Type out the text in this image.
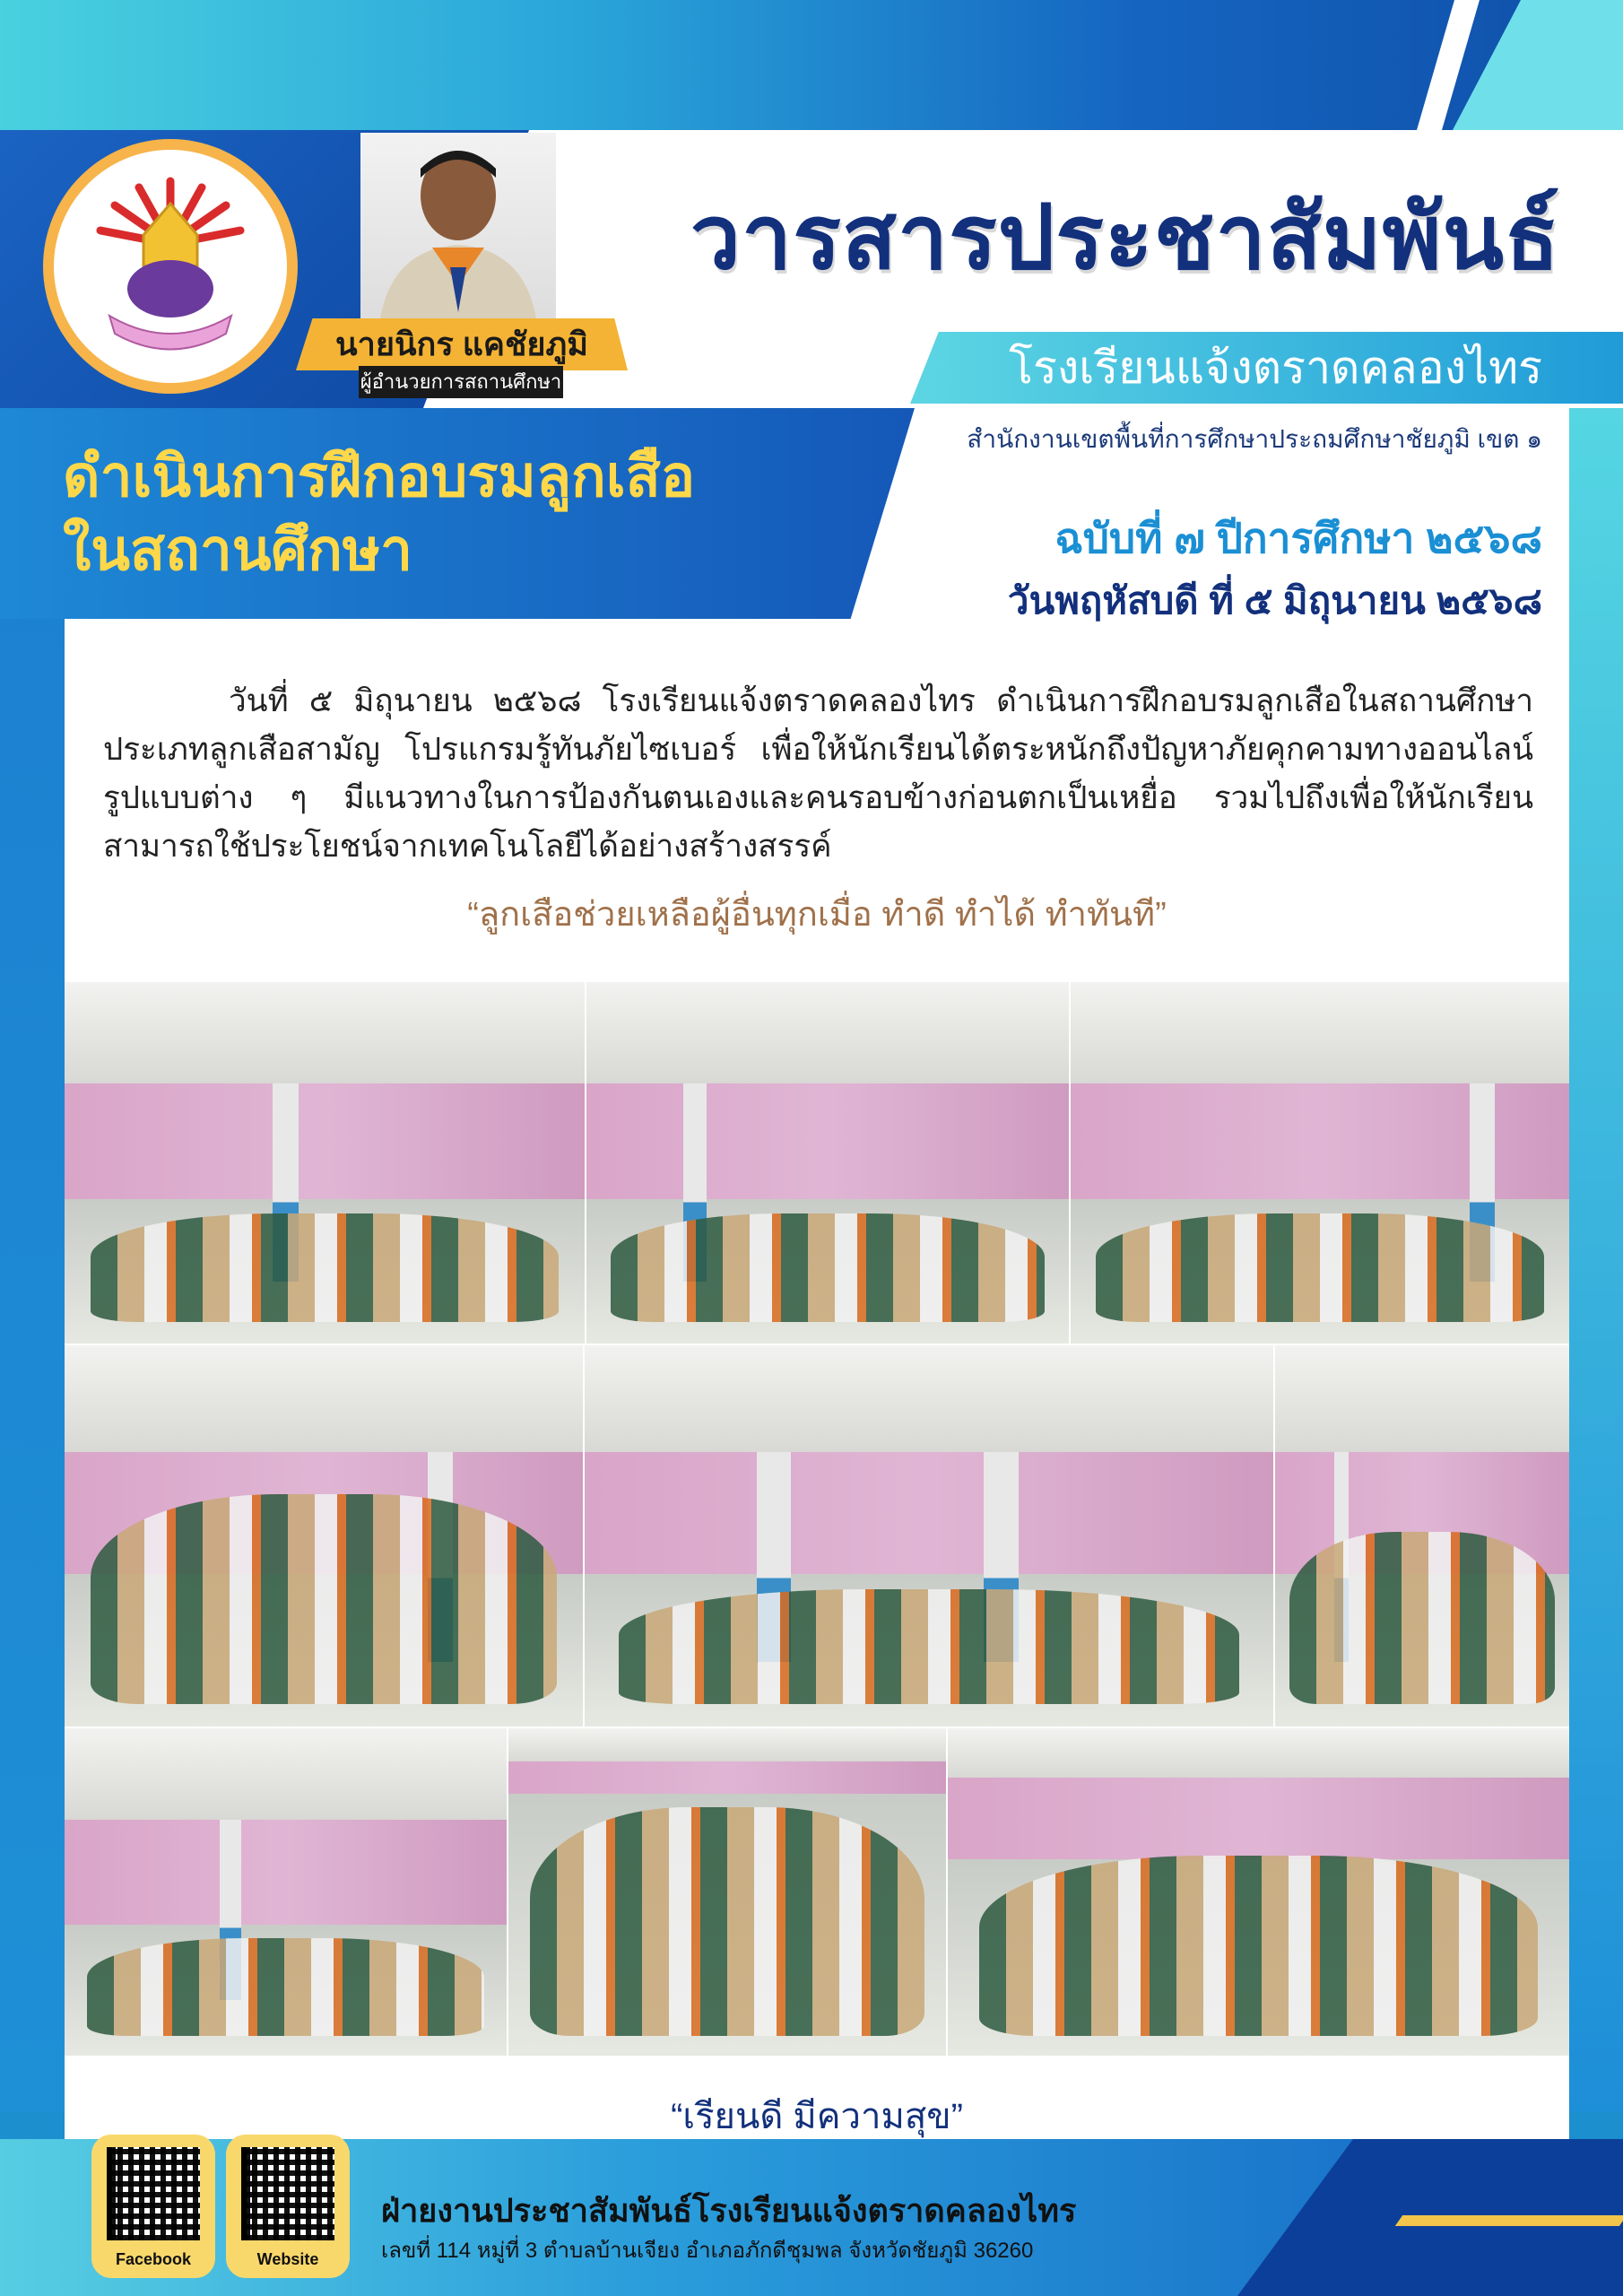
นายนิกร แคชัยภูมิ
ผู้อำนวยการสถานศึกษา
วารสารประชาสัมพันธ์
โรงเรียนแจ้งตราดคลองไทร
สำนักงานเขตพื้นที่การศึกษาประถมศึกษาชัยภูมิ เขต ๑
ฉบับที่ ๗ ปีการศึกษา ๒๕๖๘
วันพฤหัสบดี ที่ ๕ มิถุนายน ๒๕๖๘
ดำเนินการฝึกอบรมลูกเสือ
ในสถานศึกษา

วันที่ ๕ มิถุนายน ๒๕๖๘ โรงเรียนแจ้งตราดคลองไทร ดำเนินการฝึกอบรมลูกเสือในสถานศึกษา ประเภทลูกเสือสามัญ โปรแกรมรู้ทันภัยไซเบอร์ เพื่อให้นักเรียนได้ตระหนักถึงปัญหาภัยคุกคามทางออนไลน์ รูปแบบต่าง ๆ มีแนวทางในการป้องกันตนเองและคนรอบข้างก่อนตกเป็นเหยื่อ รวมไปถึงเพื่อให้นักเรียน สามารถใช้ประโยชน์จากเทคโนโลยีได้อย่างสร้างสรรค์

“ลูกเสือช่วยเหลือผู้อื่นทุกเมื่อ ทำดี ทำได้ ทำทันที”
“เรียนดี มีความสุข”
Facebook	Website
ฝ่ายงานประชาสัมพันธ์โรงเรียนแจ้งตราดคลองไทร
เลขที่ 114 หมู่ที่ 3 ตำบลบ้านเจียง อำเภอภักดีชุมพล จังหวัดชัยภูมิ 36260
